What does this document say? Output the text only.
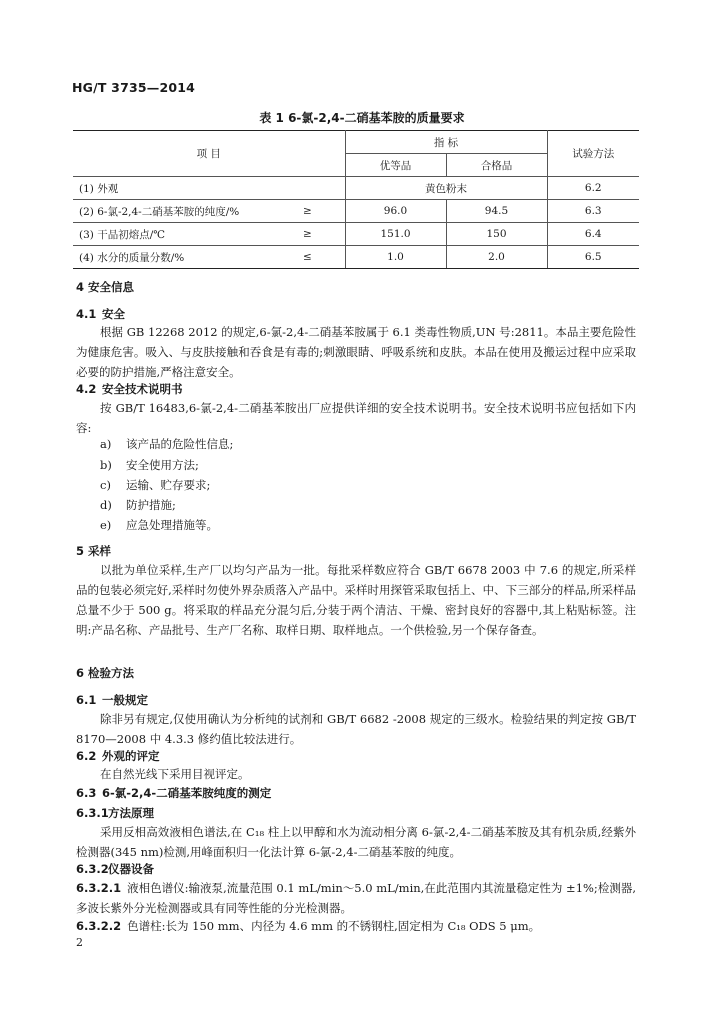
HG/T 3735—2014
表 1 6-氯-2,4-二硝基苯胺的质量要求
项 目		指 标		试验方法
		优等品	合格品	
(1) 外观		黄色粉末		6.2
(2) 6-氯-2,4-二硝基苯胺的纯度/%	≥	96.0	94.5	6.3
(3) 干品初熔点/℃	≥	151.0	150	6.4
(4) 水分的质量分数/%	≤	1.0	2.0	6.5
4 安全信息
4.1 安全
根据 GB 12268 2012 的规定,6-氯-2,4-二硝基苯胺属于 6.1 类毒性物质,UN 号:2811。本品主要危险性为健康危害。吸入、与皮肤接触和吞食是有毒的;刺激眼睛、呼吸系统和皮肤。本品在使用及搬运过程中应采取必要的防护措施,严格注意安全。
4.2 安全技术说明书
按 GB/T 16483,6-氯-2,4-二硝基苯胺出厂应提供详细的安全技术说明书。安全技术说明书应包括如下内容:
a) 该产品的危险性信息;
b) 安全使用方法;
c) 运输、贮存要求;
d) 防护措施;
e) 应急处理措施等。
5 采样
以批为单位采样,生产厂以均匀产品为一批。每批采样数应符合 GB/T 6678 2003 中 7.6 的规定,所采样品的包装必须完好,采样时勿使外界杂质落入产品中。采样时用探管采取包括上、中、下三部分的样品,所采样品总量不少于 500 g。将采取的样品充分混匀后,分装于两个清洁、干燥、密封良好的容器中,其上粘贴标签。注明:产品名称、产品批号、生产厂名称、取样日期、取样地点。一个供检验,另一个保存备查。
6 检验方法
6.1 一般规定
除非另有规定,仅使用确认为分析纯的试剂和 GB/T 6682 -2008 规定的三级水。检验结果的判定按 GB/T 8170—2008 中 4.3.3 修约值比较法进行。
6.2 外观的评定
在自然光线下采用目视评定。
6.3 6-氯-2,4-二硝基苯胺纯度的测定
6.3.1方法原理
采用反相高效液相色谱法,在 C₁₈ 柱上以甲醇和水为流动相分离 6-氯-2,4-二硝基苯胺及其有机杂质,经紫外检测器(345 nm)检测,用峰面积归一化法计算 6-氯-2,4-二硝基苯胺的纯度。
6.3.2仪器设备
6.3.2.1 液相色谱仪:输液泵,流量范围 0.1 mL/min～5.0 mL/min,在此范围内其流量稳定性为 ±1%;检测器,多波长紫外分光检测器或具有同等性能的分光检测器。
6.3.2.2 色谱柱:长为 150 mm、内径为 4.6 mm 的不锈钢柱,固定相为 C₁₈ ODS 5 μm。
2
